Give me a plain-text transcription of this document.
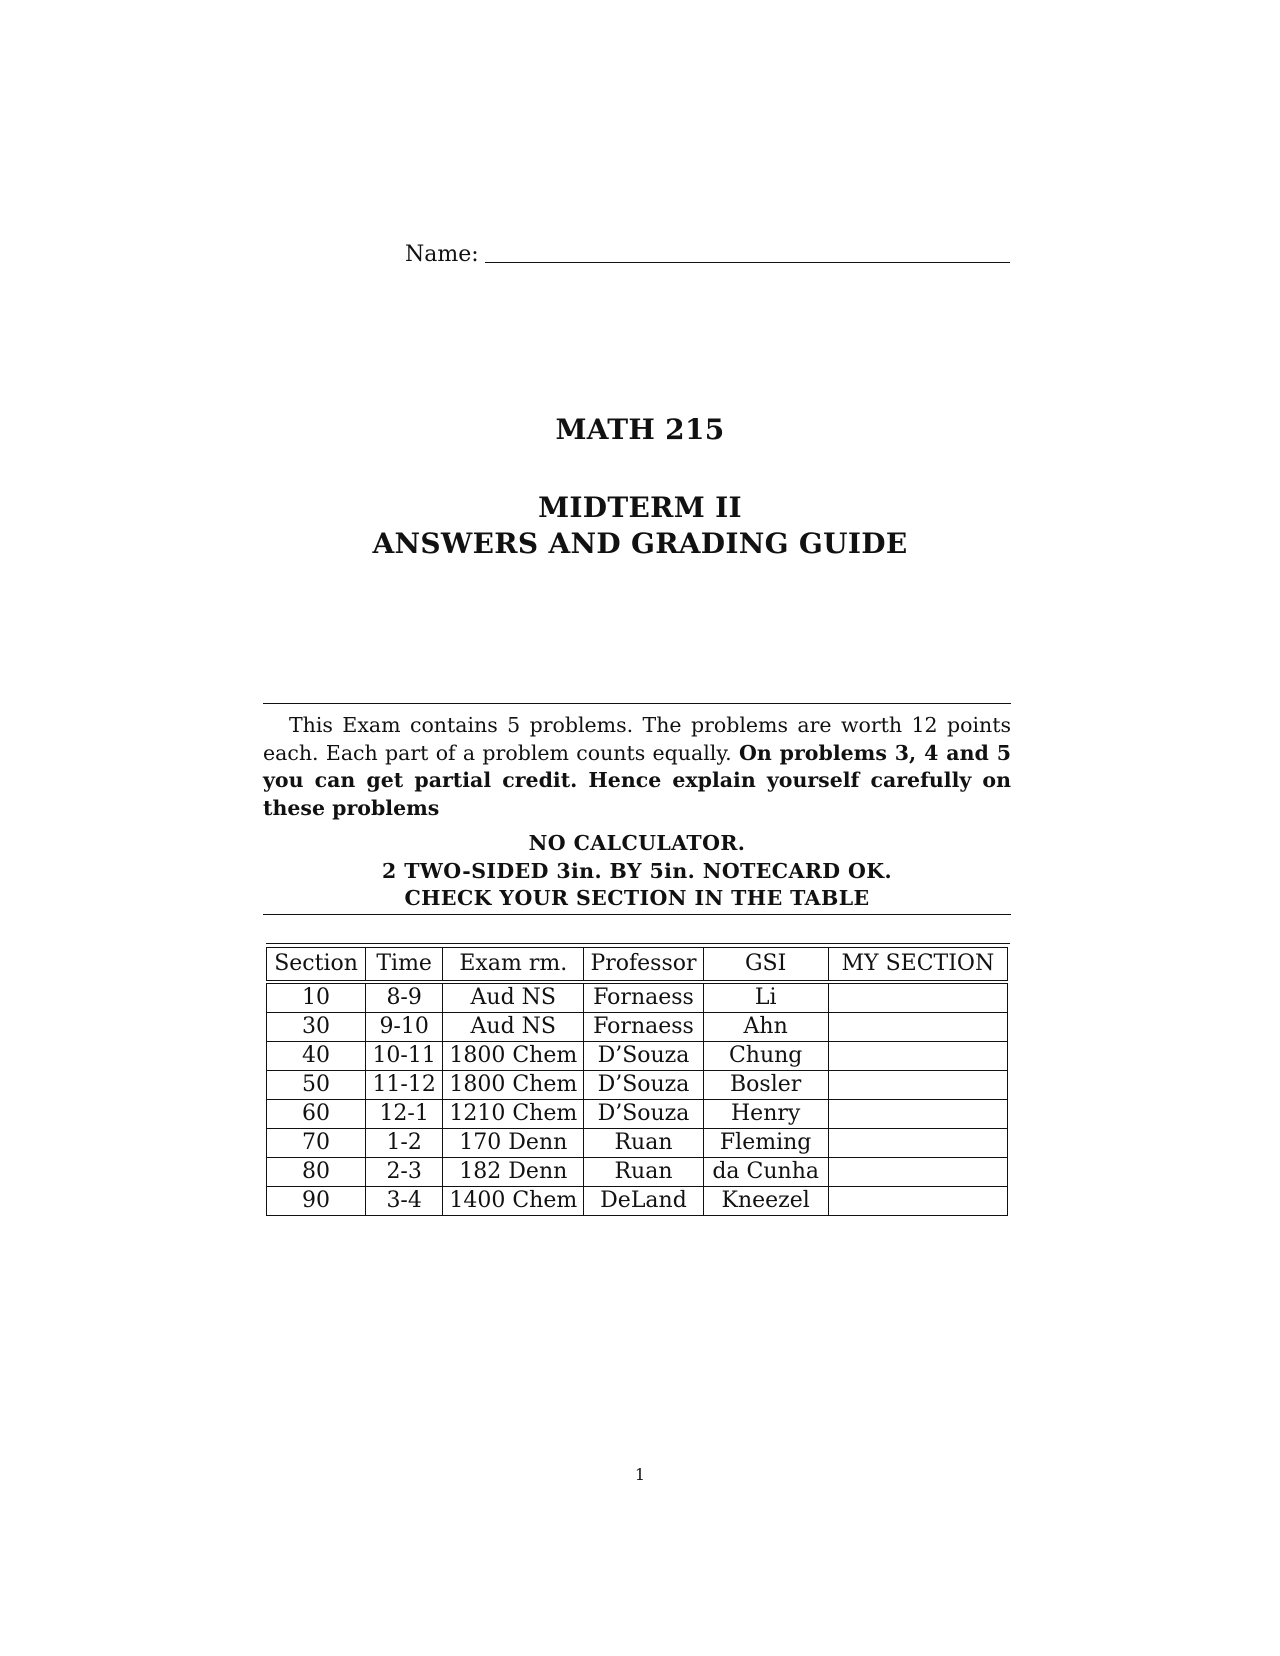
Name:
MATH 215
MIDTERM II
ANSWERS AND GRADING GUIDE

This Exam contains 5 problems. The problems are worth 12 points each. Each part of a problem counts equally. On problems 3, 4 and 5 you can get partial credit. Hence explain yourself carefully on these problems

NO CALCULATOR.
2 TWO-SIDED 3in. BY 5in. NOTECARD OK.
CHECK YOUR SECTION IN THE TABLE
Section	Time	Exam rm.	Professor	GSI	MY SECTION
10	8-9	Aud NS	Fornaess	Li	
30	9-10	Aud NS	Fornaess	Ahn	
40	10-11	1800 Chem	D’Souza	Chung	
50	11-12	1800 Chem	D’Souza	Bosler	
60	12-1	1210 Chem	D’Souza	Henry	
70	1-2	170 Denn	Ruan	Fleming	
80	2-3	182 Denn	Ruan	da Cunha	
90	3-4	1400 Chem	DeLand	Kneezel	
1
